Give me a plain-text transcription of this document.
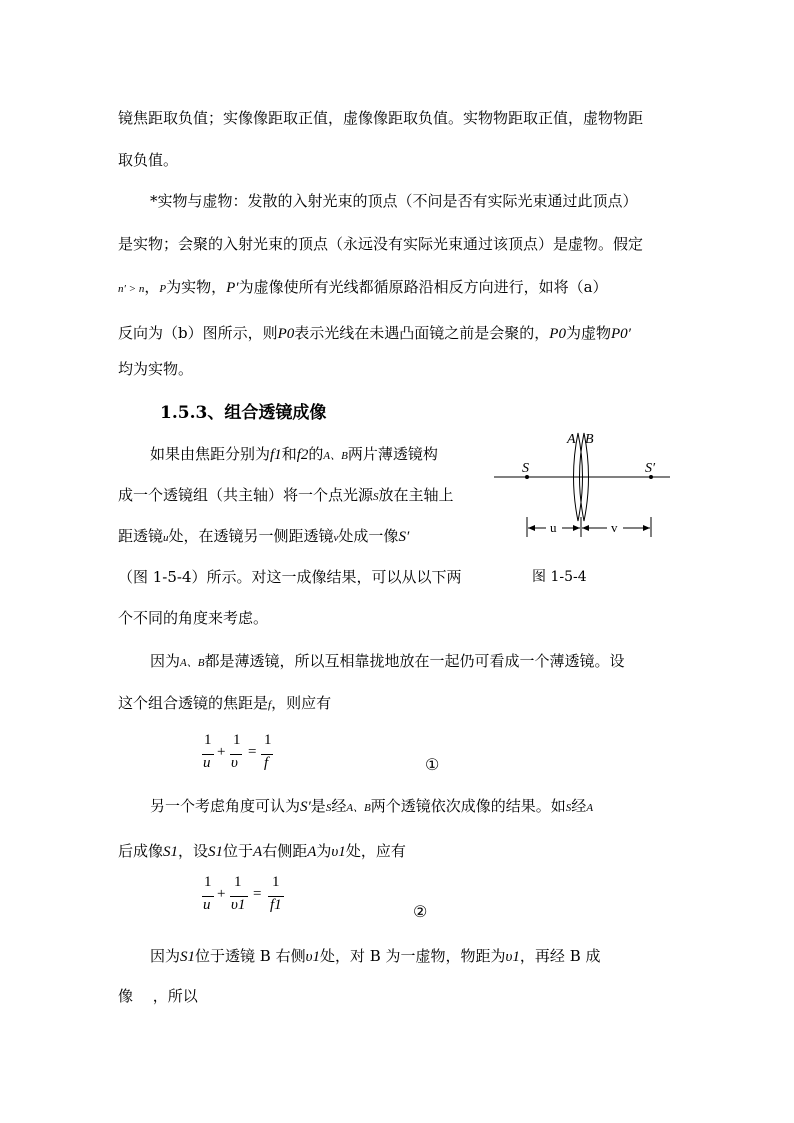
镜焦距取负值；实像像距取正值，虚像像距取负值。实物物距取正值，虚物物距
取负值。
*实物与虚物：发散的入射光束的顶点（不问是否有实际光束通过此顶点）
是实物；会聚的入射光束的顶点（永远没有实际光束通过该顶点）是虚物。假定
n′ > n，P为实物，P′为虚像使所有光线都循原路沿相反方向进行，如将（a）
反向为（b）图所示，则P0表示光线在未遇凸面镜之前是会聚的，P0为虚物P0′
均为实物。
1.5.3、组合透镜成像
如果由焦距分别为f1和f2的A、B两片薄透镜构
成一个透镜组（共主轴）将一个点光源S放在主轴上
距透镜u处，在透镜另一侧距透镜v处成一像S′
（图 1-5-4）所示。对这一成像结果，可以从以下两
个不同的角度来考虑。
A B
S	S′
u	v
图 1-5-4
因为A、B都是薄透镜，所以互相靠拢地放在一起仍可看成一个薄透镜。设
这个组合透镜的焦距是f，则应有
1
u
+
1
υ
=
1
f	①
另一个考虑角度可认为S′是S经A、B两个透镜依次成像的结果。如S经A
后成像S1，设S1位于A右侧距A为υ1处，应有
1
u
+
1
υ1
=
1
f1	②
因为S1位于透镜 B 右侧υ1处，对 B 为一虚物，物距为υ1，再经 B 成
像　 ，所以
